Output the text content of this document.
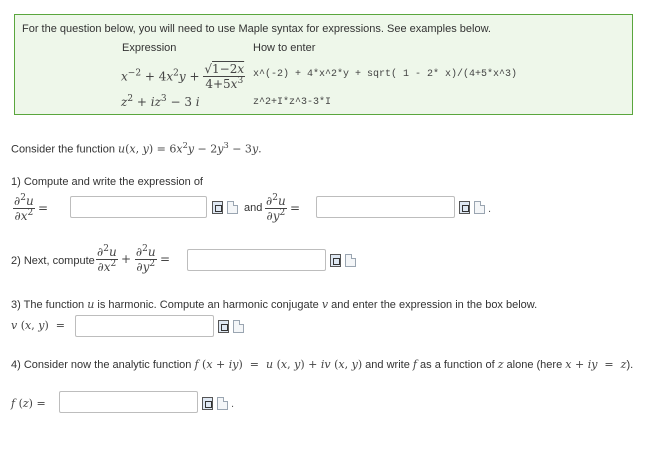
For the question below, you will need to use Maple syntax for expressions. See examples below.
Expression	How to enter
$x^{-2} + 4x^2y + \frac{√1-2x}{4+5x^3}$ x^(-2) + 4*x^2*y + sqrt( 1 - 2* x)/(4+5*x^3)
$z^2 + iz^3 - 3$ i	z^2+I*z^3-3*I
Consider the function u(x, $y) = 6x^2y - 2y^3 - 3y$.
1) Compute and write the expression of
$\frac{\partial^2u}{\partial x^2}$ =	and $\frac{\partial^2u}{\partial y^2}$ =	.
2) Next, compute $\frac{\partial^2u}{\partial x^2} + \frac{\partial^2u}{\partial y^2}$ =
3) The function u is harmonic. Compute an harmonic conjugate v and enter the expression in the box below.
v (x, y)  =
4) Consider now the analytic function f (x + iy)  =  u (x, y) + iv (x, y) and write f as a function of z alone (here x + iy  =  z).
f (z) =	.
